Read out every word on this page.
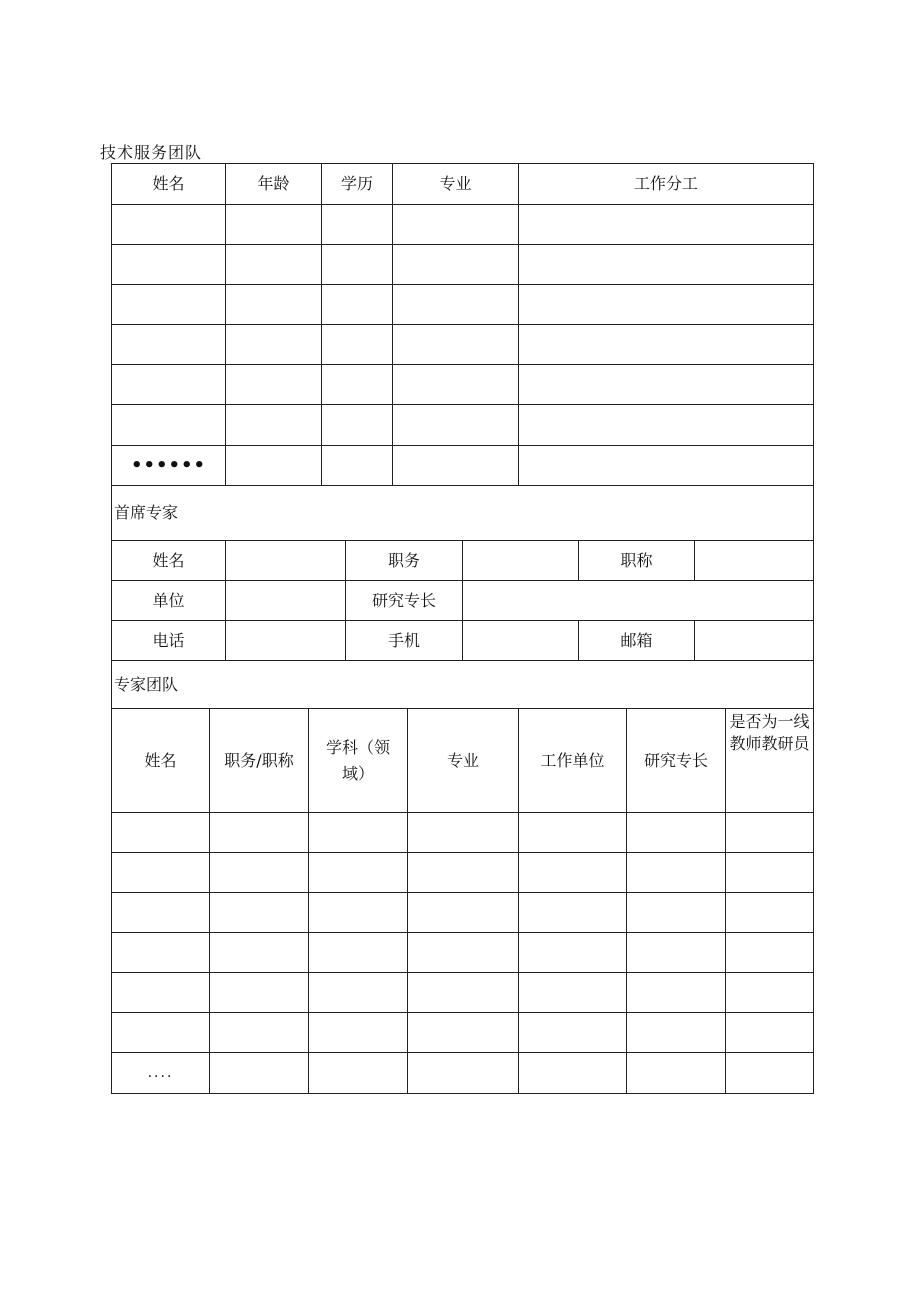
技术服务团队
姓名	年龄	学历	专业	工作分工

••••••				
首席专家					
姓名		职务		职称	
单位		研究专长			
电话		手机		邮箱	
专家团队						
姓名	职务/职称	学科（领域）	专业	工作单位	研究专长	是否为一线教师教研员

....						
